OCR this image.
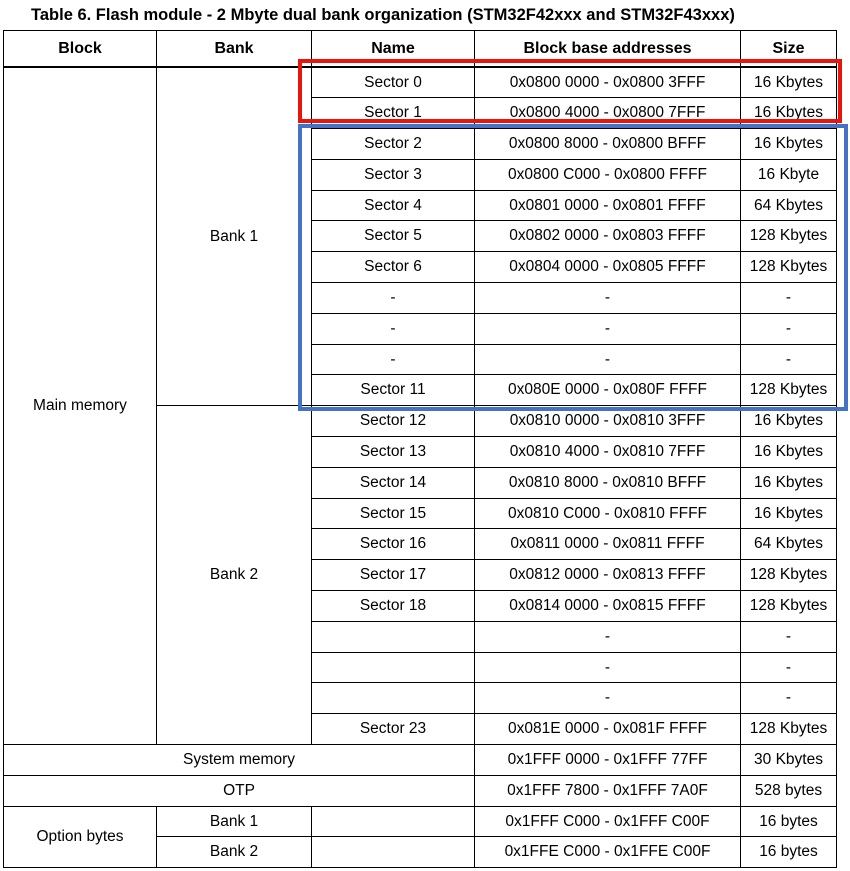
Table 6. Flash module - 2 Mbyte dual bank organization (STM32F42xxx and STM32F43xxx)
Block	Bank	Name	Block base addresses	Size
Main memory	Bank 1	Sector 0	0x0800 0000 - 0x0800 3FFF	16 Kbytes
		Sector 1	0x0800 4000 - 0x0800 7FFF	16 Kbytes
		Sector 2	0x0800 8000 - 0x0800 BFFF	16 Kbytes
		Sector 3	0x0800 C000 - 0x0800 FFFF	16 Kbyte
		Sector 4	0x0801 0000 - 0x0801 FFFF	64 Kbytes
		Sector 5	0x0802 0000 - 0x0803 FFFF	128 Kbytes
		Sector 6	0x0804 0000 - 0x0805 FFFF	128 Kbytes
		-	-	-
		-	-	-
		-	-	-
		Sector 11	0x080E 0000 - 0x080F FFFF	128 Kbytes
	Bank 2	Sector 12	0x0810 0000 - 0x0810 3FFF	16 Kbytes
		Sector 13	0x0810 4000 - 0x0810 7FFF	16 Kbytes
		Sector 14	0x0810 8000 - 0x0810 BFFF	16 Kbytes
		Sector 15	0x0810 C000 - 0x0810 FFFF	16 Kbytes
		Sector 16	0x0811 0000 - 0x0811 FFFF	64 Kbytes
		Sector 17	0x0812 0000 - 0x0813 FFFF	128 Kbytes
		Sector 18	0x0814 0000 - 0x0815 FFFF	128 Kbytes
			-	-
			-	-
			-	-
		Sector 23	0x081E 0000 - 0x081F FFFF	128 Kbytes
System memory			0x1FFF 0000 - 0x1FFF 77FF	30 Kbytes
OTP			0x1FFF 7800 - 0x1FFF 7A0F	528 bytes
Option bytes	Bank 1		0x1FFF C000 - 0x1FFF C00F	16 bytes
	Bank 2		0x1FFE C000 - 0x1FFE C00F	16 bytes
